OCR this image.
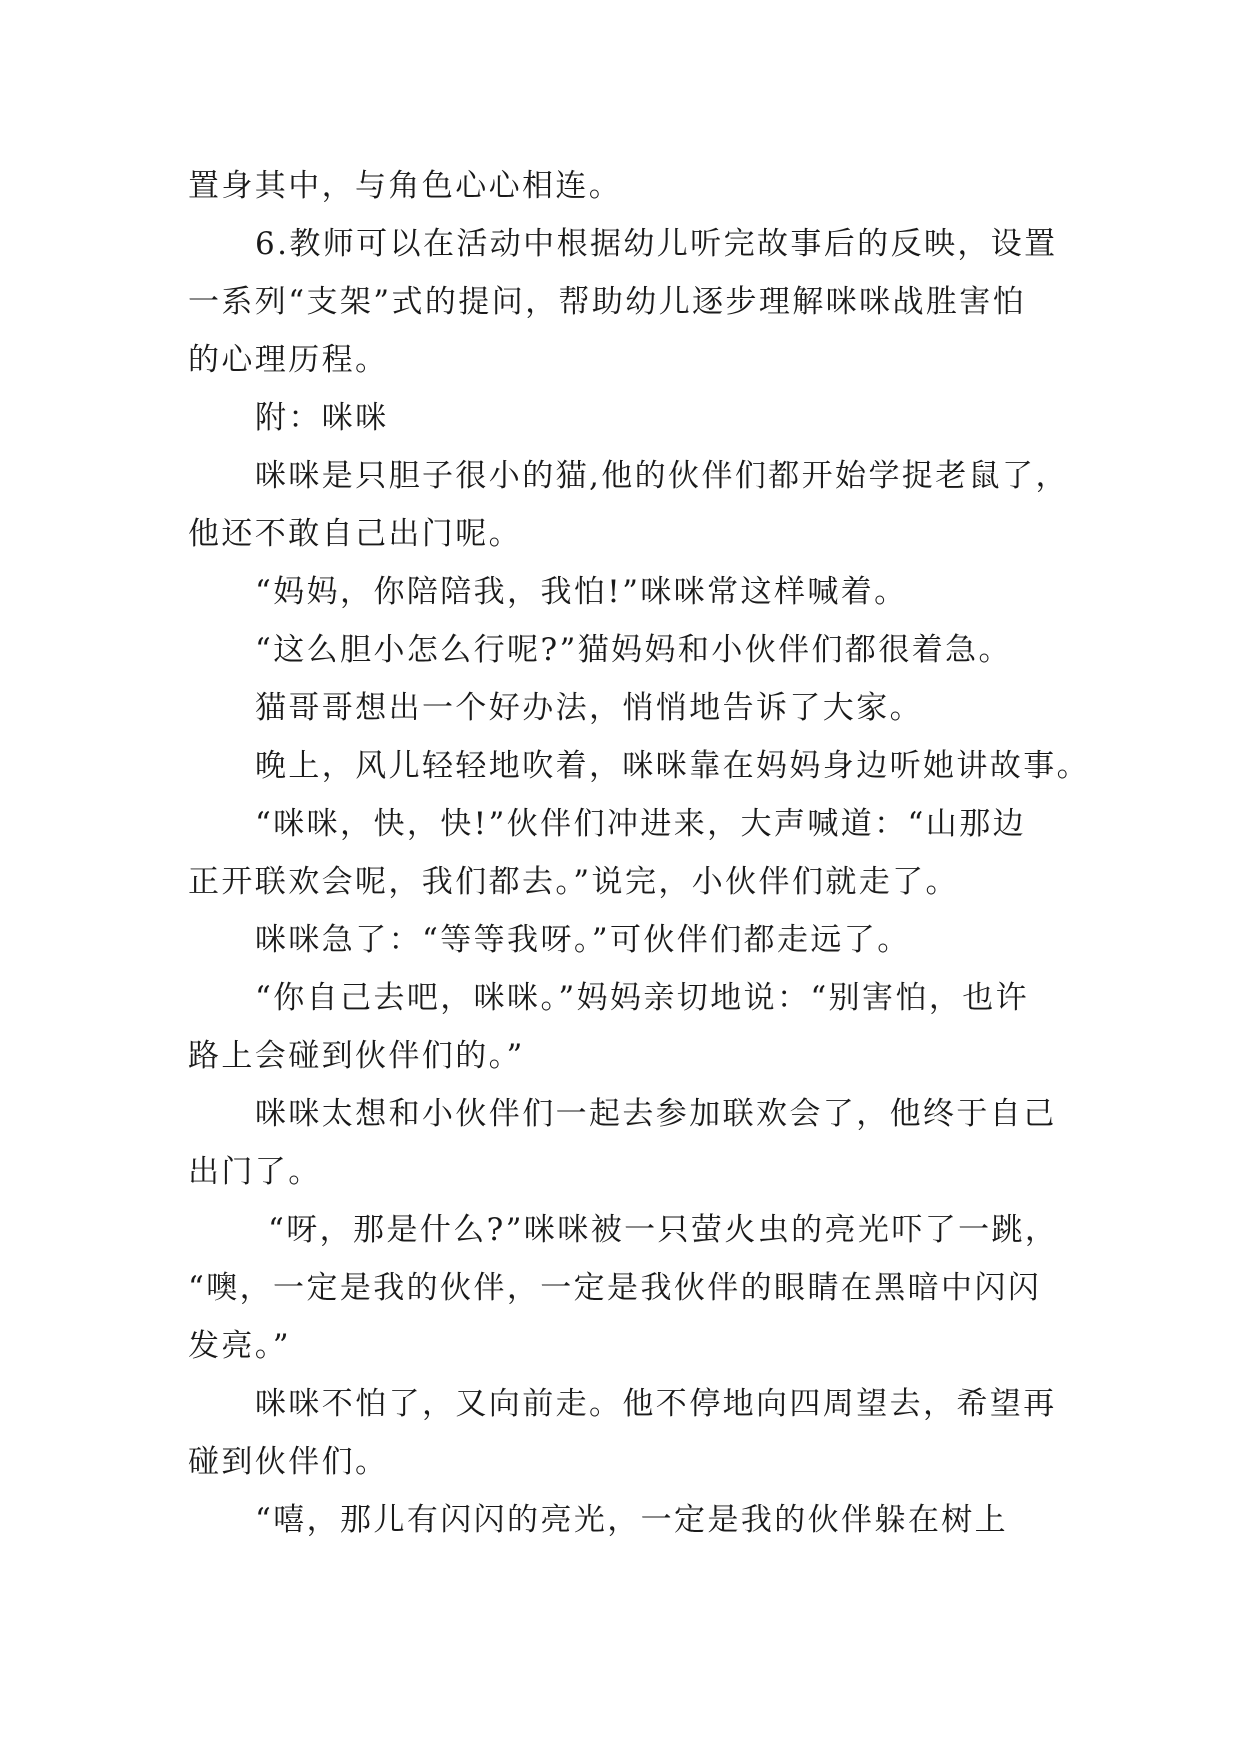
置身其中，与角色心心相连。
6.教师可以在活动中根据幼儿听完故事后的反映，设置
一系列“支架”式的提问，帮助幼儿逐步理解咪咪战胜害怕
的心理历程。
附：咪咪
咪咪是只胆子很小的猫,他的伙伴们都开始学捉老鼠了，
他还不敢自己出门呢。
“妈妈，你陪陪我，我怕!”咪咪常这样喊着。
“这么胆小怎么行呢?”猫妈妈和小伙伴们都很着急。
猫哥哥想出一个好办法，悄悄地告诉了大家。
晚上，风儿轻轻地吹着，咪咪靠在妈妈身边听她讲故事。
“咪咪，快，快!”伙伴们冲进来，大声喊道：“山那边
正开联欢会呢，我们都去。”说完，小伙伴们就走了。
咪咪急了：“等等我呀。”可伙伴们都走远了。
“你自己去吧，咪咪。”妈妈亲切地说：“别害怕，也许
路上会碰到伙伴们的。”
咪咪太想和小伙伴们一起去参加联欢会了，他终于自己
出门了。
“呀，那是什么?”咪咪被一只萤火虫的亮光吓了一跳，
“噢，一定是我的伙伴，一定是我伙伴的眼睛在黑暗中闪闪
发亮。”
咪咪不怕了，又向前走。他不停地向四周望去，希望再
碰到伙伴们。
“嘻，那儿有闪闪的亮光，一定是我的伙伴躲在树上
